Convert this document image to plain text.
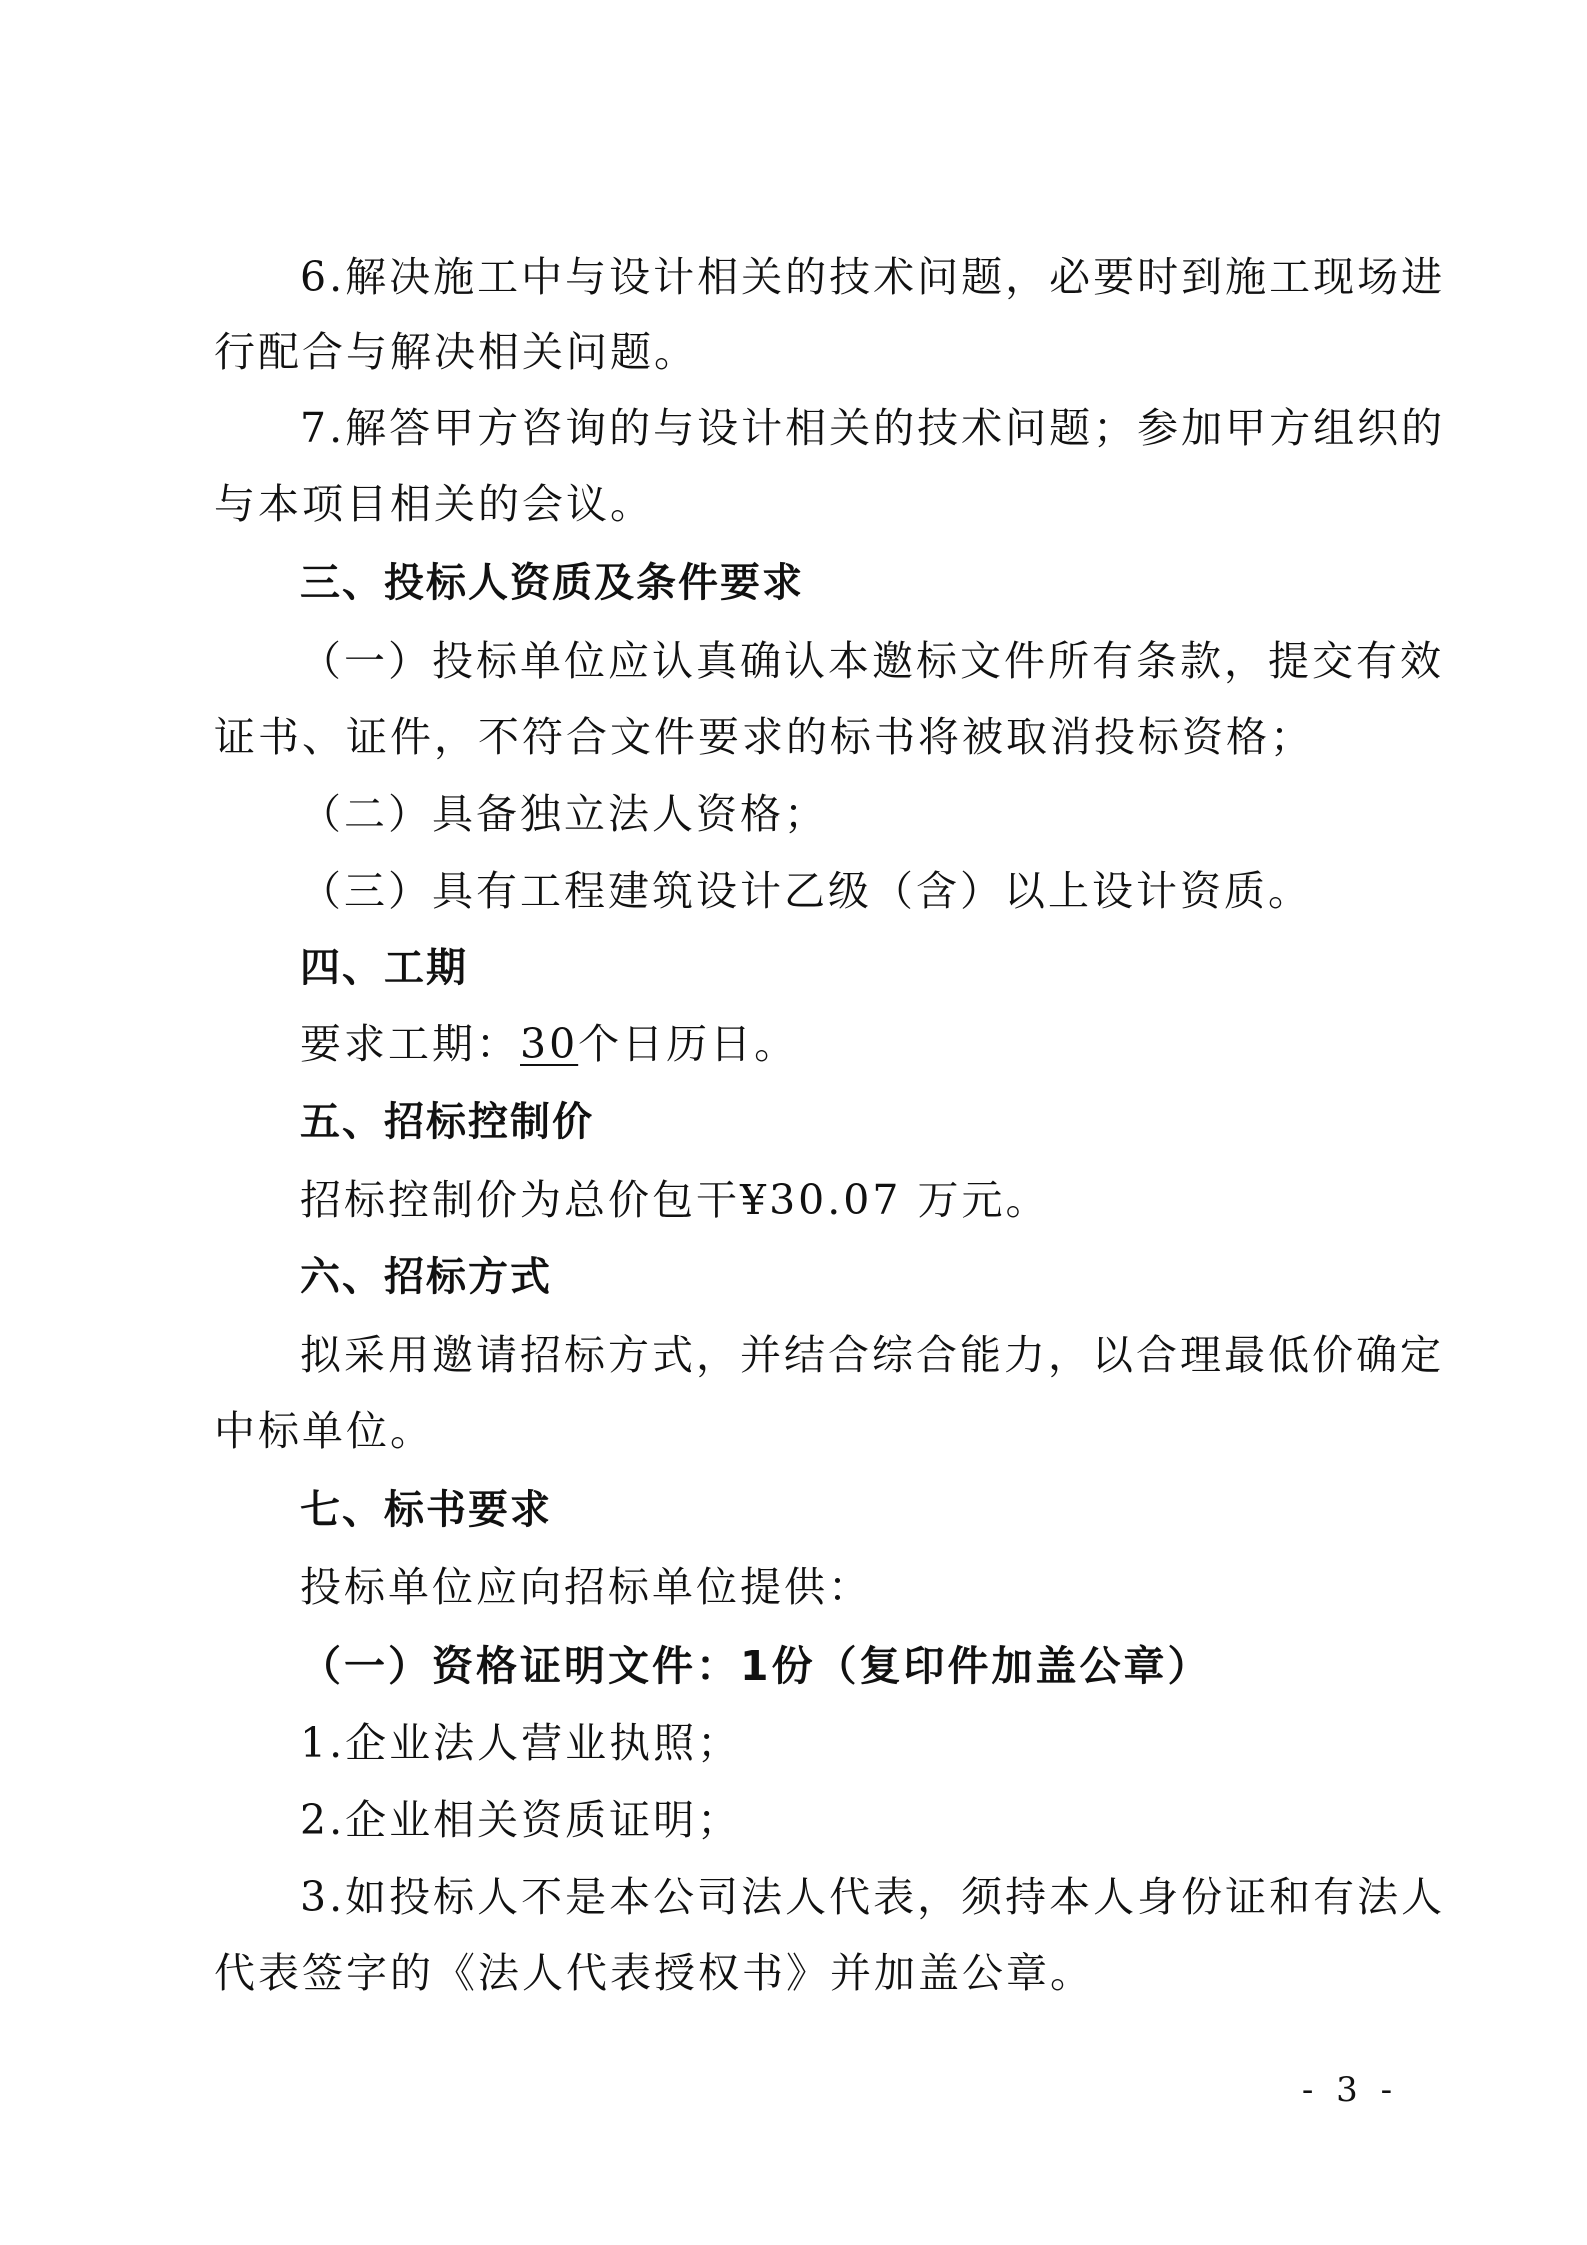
6.解决施工中与设计相关的技术问题，必要时到施工现场进
行配合与解决相关问题。
7.解答甲方咨询的与设计相关的技术问题；参加甲方组织的
与本项目相关的会议。
三、投标人资质及条件要求
（一）投标单位应认真确认本邀标文件所有条款，提交有效
证书、证件，不符合文件要求的标书将被取消投标资格；
（二）具备独立法人资格；
（三）具有工程建筑设计乙级（含）以上设计资质。
四、工期
要求工期：30个日历日。
五、招标控制价
招标控制价为总价包干¥30.07 万元。
六、招标方式
拟采用邀请招标方式，并结合综合能力，以合理最低价确定
中标单位。
七、标书要求
投标单位应向招标单位提供：
（一）资格证明文件：1份（复印件加盖公章）
1.企业法人营业执照；
2.企业相关资质证明；
3.如投标人不是本公司法人代表，须持本人身份证和有法人
代表签字的《法人代表授权书》并加盖公章。
- 3 -
